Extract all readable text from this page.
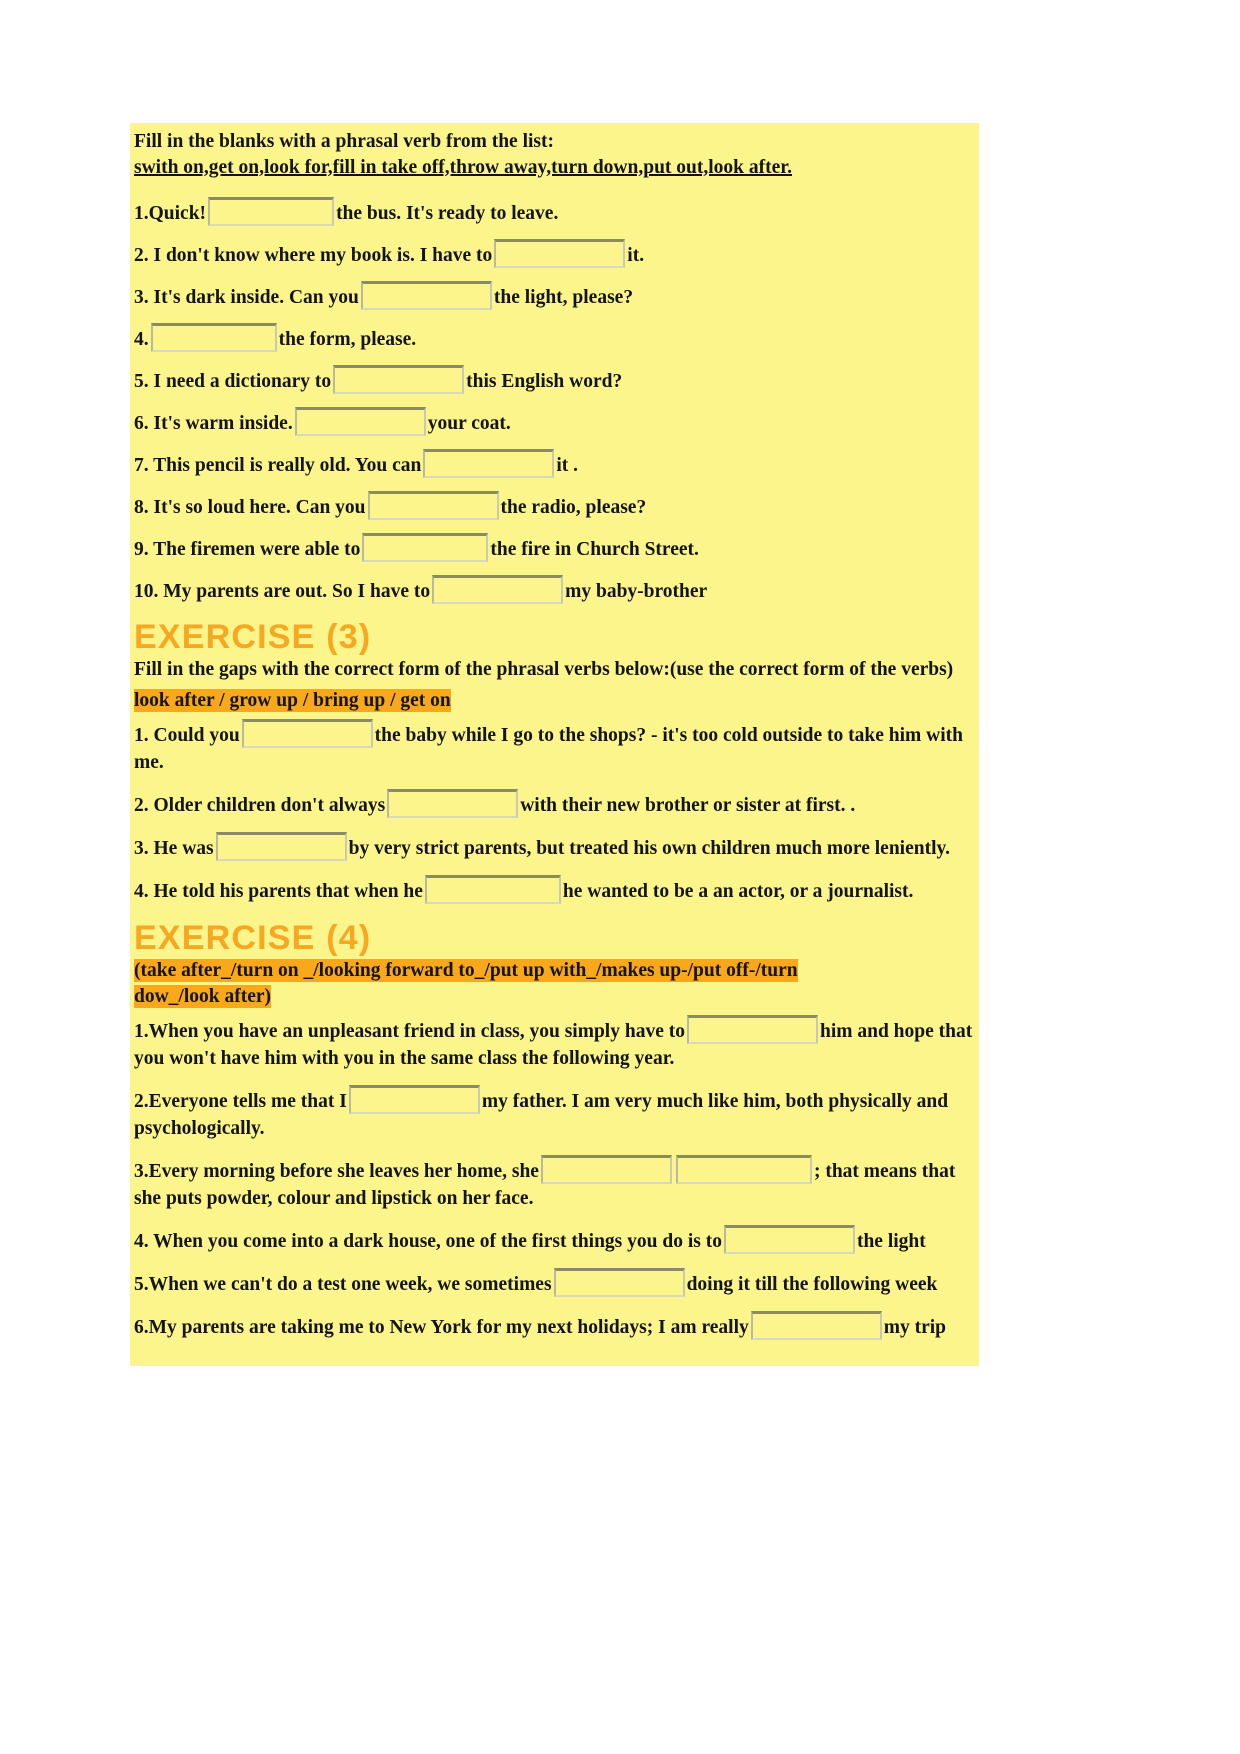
Fill in the blanks with a phrasal verb from the list:
swith on,get on,look for,fill in take off,throw away,turn down,put out,look after.
1.Quick!	the bus. It's ready to leave.
2. I don't know where my book is. I have to	it.
3. It's dark inside. Can you	the light, please?
4.	the form, please.
5. I need a dictionary to	this English word?
6. It's warm inside.	your coat.
7. This pencil is really old. You can	it .
8. It's so loud here. Can you	the radio, please?
9. The firemen were able to	the fire in Church Street.
10. My parents are out. So I have to	my baby-brother
EXERCISE (3)
Fill in the gaps with the correct form of the phrasal verbs below:(use the correct form of the verbs)
look after / grow up / bring up / get on
1. Could you	the baby while I go to the shops? - it's too cold outside to take him with me.
2. Older children don't always	with their new brother or sister at first. .
3. He was	by very strict parents, but treated his own children much more leniently.
4. He told his parents that when he	he wanted to be a an actor, or a journalist.
EXERCISE (4)
(take after_/turn on _/looking forward to_/put up with_/makes up-/put off-/turn
dow_/look after)
1.When you have an unpleasant friend in class, you simply have to	him and hope that you won't have him with you in the same class the following year.
2.Everyone tells me that I	my father. I am very much like him, both physically and psychologically.
3.Every morning before she leaves her home, she	; that means that she puts powder, colour and lipstick on her face.
4. When you come into a dark house, one of the first things you do is to	the light
5.When we can't do a test one week, we sometimes	doing it till the following week
6.My parents are taking me to New York for my next holidays; I am really	my trip
